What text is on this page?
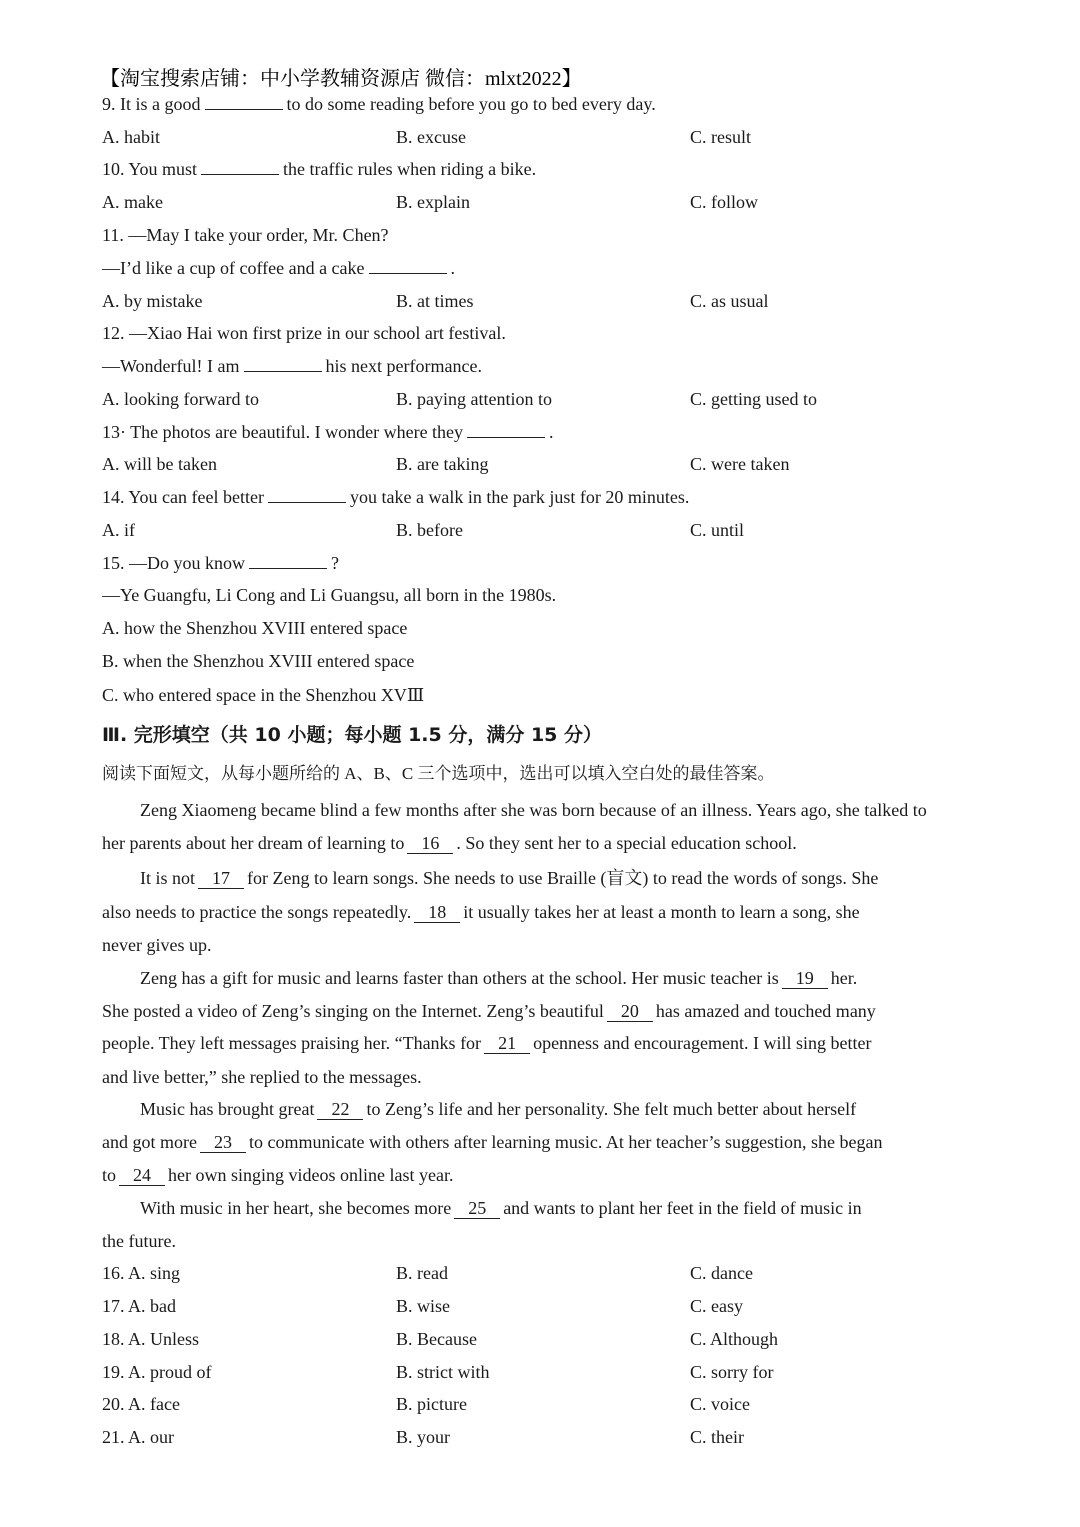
【淘宝搜索店铺：中小学教辅资源店 微信：mlxt2022】
9. It is a good	to do some reading before you go to bed every day.
A. habit	B. excuse	C. result
10. You must	the traffic rules when riding a bike.
A. make	B. explain	C. follow
11. —May I take your order, Mr. Chen?
—I’d like a cup of coffee and a cake	.
A. by mistake	B. at times	C. as usual
12. —Xiao Hai won first prize in our school art festival.
—Wonderful! I am	his next performance.
A. looking forward to	B. paying attention to	C. getting used to
13· The photos are beautiful. I wonder where they	.
A. will be taken	B. are taking	C. were taken
14. You can feel better	you take a walk in the park just for 20 minutes.
A. if	B. before	C. until
15. —Do you know	?
—Ye Guangfu, Li Cong and Li Guangsu, all born in the 1980s.
A. how the Shenzhou XVIII entered space
B. when the Shenzhou XVIII entered space
C. who entered space in the Shenzhou XVⅢ
Ⅲ. 完形填空（共 10 小题；每小题 1.5 分，满分 15 分）
阅读下面短文，从每小题所给的 A、B、C 三个选项中，选出可以填入空白处的最佳答案。
Zeng Xiaomeng became blind a few months after she was born because of an illness. Years ago, she talked to
her parents about her dream of learning to 16 . So they sent her to a special education school.
It is not 17 for Zeng to learn songs. She needs to use Braille (盲文) to read the words of songs. She
also needs to practice the songs repeatedly. 18 it usually takes her at least a month to learn a song, she
never gives up.
Zeng has a gift for music and learns faster than others at the school. Her music teacher is 19 her.
She posted a video of Zeng’s singing on the Internet. Zeng’s beautiful 20 has amazed and touched many
people. They left messages praising her. “Thanks for 21 openness and encouragement. I will sing better
and live better,” she replied to the messages.
Music has brought great 22 to Zeng’s life and her personality. She felt much better about herself
and got more 23 to communicate with others after learning music. At her teacher’s suggestion, she began
to 24 her own singing videos online last year.
With music in her heart, she becomes more 25 and wants to plant her feet in the field of music in
the future.
16. A. sing	B. read	C. dance
17. A. bad	B. wise	C. easy
18. A. Unless	B. Because	C. Although
19. A. proud of	B. strict with	C. sorry for
20. A. face	B. picture	C. voice
21. A. our	B. your	C. their
